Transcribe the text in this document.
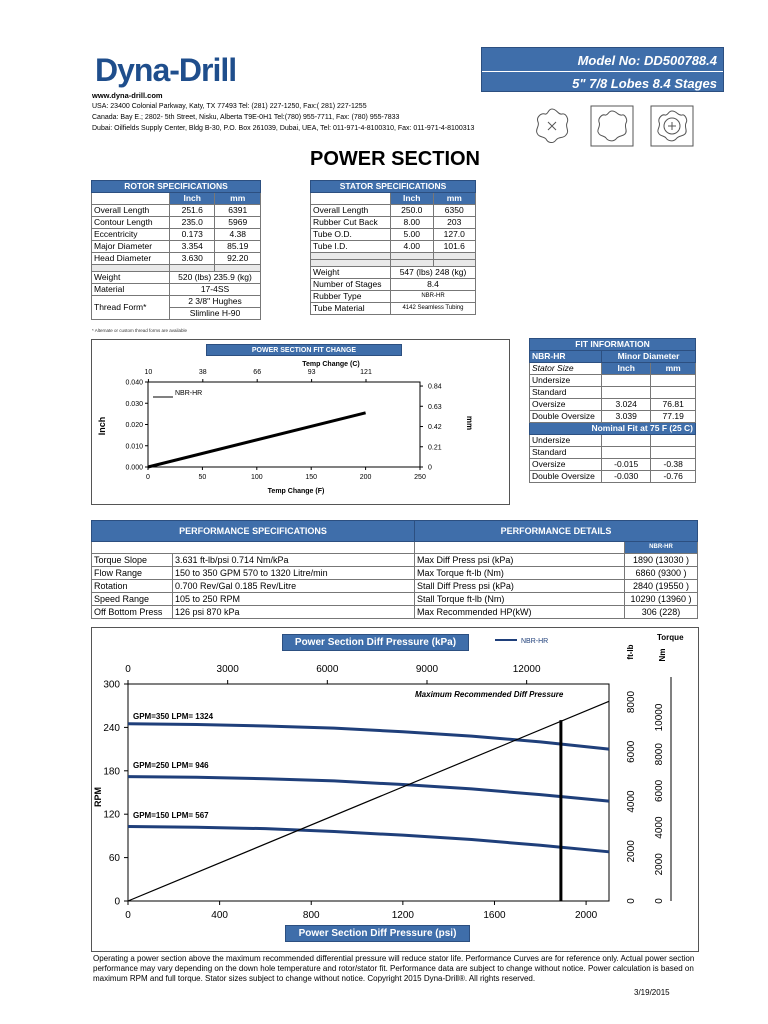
Dyna-Drill
www.dyna-drill.com
USA: 23400 Colonial Parkway, Katy, TX 77493 Tel: (281) 227-1250, Fax:( 281) 227-1255
Canada: Bay E.; 2802- 5th Street, Nisku, Alberta T9E-0H1 Tel:(780) 955-7711, Fax: (780) 955-7833
Dubai: Oilfields Supply Center, Bldg B-30, P.O. Box 261039, Dubai, UEA, Tel: 011-971-4-8100310, Fax: 011-971-4-8100313
Model No: DD500788.4
5" 7/8 Lobes 8.4 Stages
POWER SECTION
ROTOR SPECIFICATIONS		
	Inch	mm
Overall Length	251.6	6391
Contour Length	235.0	5969
Eccentricity	0.173	4.38
Major Diameter	3.354	85.19
Head Diameter	3.630	92.20

Weight	520 (lbs) 235.9 (kg)	
Material	17-4SS	
Thread Form*	2 3/8" Hughes	
	Slimline H-90	
* Alternate or custom thread forms are available
STATOR SPECIFICATIONS		
	Inch	mm
Overall Length	250.0	6350
Rubber Cut Back	8.00	203
Tube O.D.	5.00	127.0
Tube I.D.	4.00	101.6

Weight	547 (lbs) 248 (kg)	
Number of Stages	8.4	
Rubber Type	NBR-HR	
Tube Material	4142 Seamless Tubing	
POWER SECTION FIT CHANGE
Temp Change (C)
Temp Change (F)
Inch	mm
NBR-HR
0	50	100	150	200	250
10	38	66	93	121
0.000
0.010
0.020
0.030
0.040
0
0.21
0.42
0.63
0.84
FIT INFORMATION		
NBR-HR	Minor Diameter	
Stator Size	Inch	mm
Undersize		
Standard		
Oversize	3.024	76.81
Double Oversize	3.039	77.19
Nominal Fit at 75 F (25 C)		
Undersize		
Standard		
Oversize	-0.015	-0.38
Double Oversize	-0.030	-0.76
PERFORMANCE SPECIFICATIONS		PERFORMANCE DETAILS	
			NBR-HR
Torque Slope	3.631 ft-lb/psi 0.714 Nm/kPa	Max Diff Press psi (kPa)	1890 (13030 )
Flow Range	150 to 350 GPM 570 to 1320 Litre/min	Max Torque ft-lb (Nm)	6860 (9300 )
Rotation	0.700 Rev/Gal 0.185 Rev/Litre	Stall Diff Press psi (kPa)	2840 (19550 )
Speed Range	105 to 250 RPM	Stall Torque ft-lb (Nm)	10290 (13960 )
Off Bottom Press	126 psi 870 kPa	Max Recommended HP(kW)	306 (228)
Power Section Diff Pressure (kPa)
Power Section Diff Pressure (psi)
NBR-HR	Torque
ft-lb	Nm
RPM
Maximum Recommended Diff Pressure
GPM=350 LPM= 1324
GPM=250 LPM= 946
GPM=150 LPM= 567
0	400	800	1200	1600	2000
0	3000	6000	9000	12000
0
60
120
180
240
300
0
2000
4000
6000
8000
0
2000
4000
6000
8000
10000
Operating a power section above the maximum recommended differential pressure will reduce stator life. Performance Curves are for reference only. Actual power section performance may vary depending on the down hole temperature and rotor/stator fit. Performance data are subject to change without notice. Power calculation is based on maximum RPM and full torque. Stator sizes subject to change without notice. Copyright 2015 Dyna-Drill®. All rights reserved.
3/19/2015
